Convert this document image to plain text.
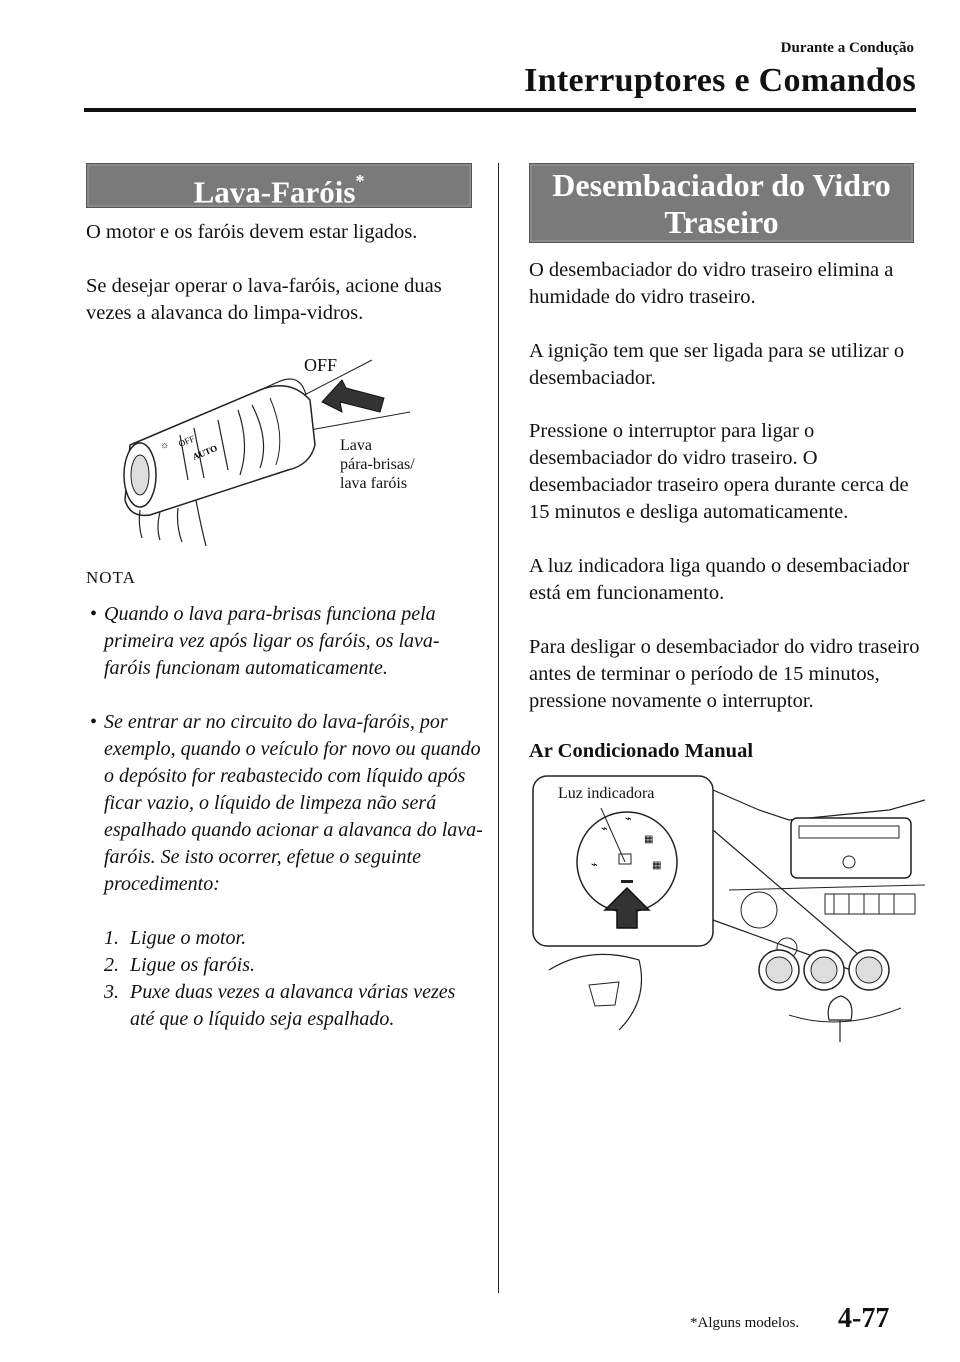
Durante a Condução
Interruptores e Comandos
Lava-Faróis*
O motor e os faróis devem estar ligados.
Se desejar operar o lava-faróis, acione duas vezes a alavanca do limpa-vidros.
OFF
AUTO
☼
OFF
Lava
pára-brisas/
lava faróis
NOTA
• Quando o lava para-brisas funciona pela primeira vez após ligar os faróis, os lava-faróis funcionam automaticamente.
• Se entrar ar no circuito do lava-faróis, por exemplo, quando o veículo for novo ou quando o depósito for reabastecido com líquido após ficar vazio, o líquido de limpeza não será espalhado quando acionar a alavanca do lava-faróis. Se isto ocorrer, efetue o seguinte procedimento:
1. Ligue o motor.
2. Ligue os faróis.
3. Puxe duas vezes a alavanca várias vezes até que o líquido seja espalhado.
Desembaciador do Vidro
Traseiro
O desembaciador do vidro traseiro elimina a humidade do vidro traseiro.
A ignição tem que ser ligada para se utilizar o desembaciador.
Pressione o interruptor para ligar o desembaciador do vidro traseiro. O desembaciador traseiro opera durante cerca de 15 minutos e desliga automaticamente.
A luz indicadora liga quando o desembaciador está em funcionamento.
Para desligar o desembaciador do vidro traseiro antes de terminar o período de 15 minutos, pressione novamente o interruptor.
Ar Condicionado Manual
⌁
⌁
▦
⌁	▦
Luz indicadora
*Alguns modelos. 4-77
